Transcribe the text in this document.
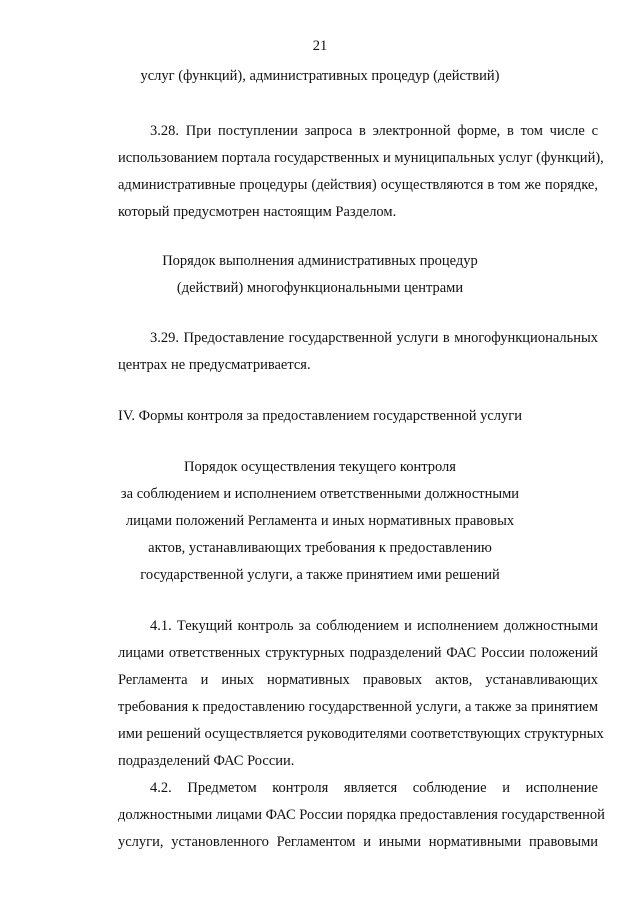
21
услуг (функций), административных процедур (действий)
3.28. При поступлении запроса в электронной форме, в том числе с
использованием портала государственных и муниципальных услуг (функций),
административные процедуры (действия) осуществляются в том же порядке,
который предусмотрен настоящим Разделом.
Порядок выполнения административных процедур
(действий) многофункциональными центрами
3.29. Предоставление государственной услуги в многофункциональных
центрах не предусматривается.
IV. Формы контроля за предоставлением государственной услуги
Порядок осуществления текущего контроля
за соблюдением и исполнением ответственными должностными
лицами положений Регламента и иных нормативных правовых
актов, устанавливающих требования к предоставлению
государственной услуги, а также принятием ими решений
4.1. Текущий контроль за соблюдением и исполнением должностными
лицами ответственных структурных подразделений ФАС России положений
Регламента и иных нормативных правовых актов, устанавливающих
требования к предоставлению государственной услуги, а также за принятием
ими решений осуществляется руководителями соответствующих структурных
подразделений ФАС России.
4.2. Предметом контроля является соблюдение и исполнение
должностными лицами ФАС России порядка предоставления государственной
услуги, установленного Регламентом и иными нормативными правовыми
